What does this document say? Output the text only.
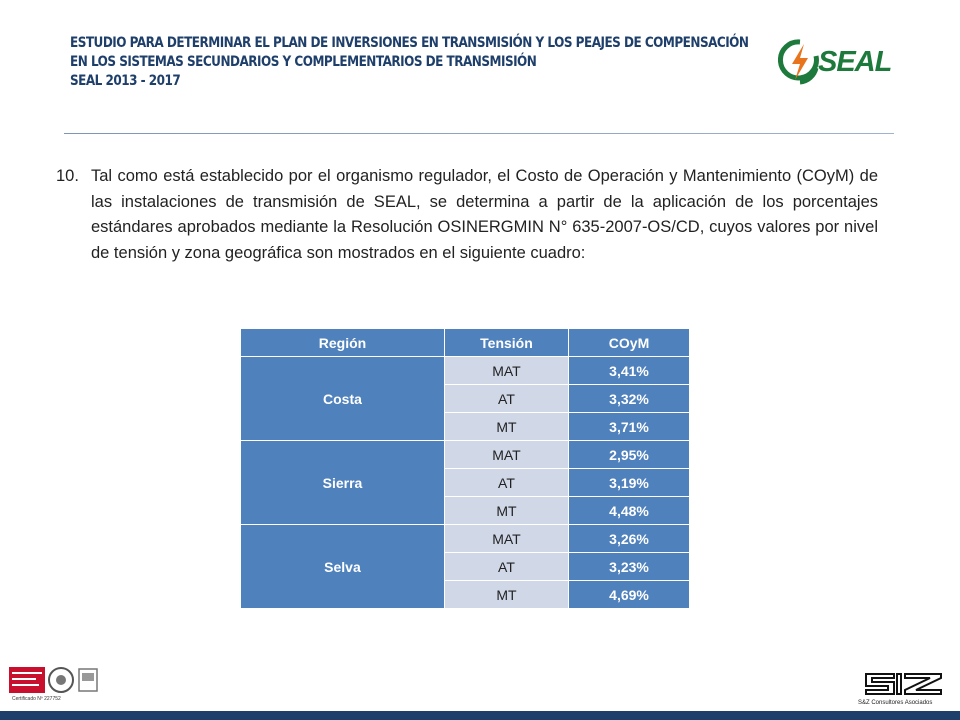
ESTUDIO PARA DETERMINAR EL PLAN DE INVERSIONES EN TRANSMISIÓN Y LOS PEAJES DE COMPENSACIÓN
EN LOS SISTEMAS SECUNDARIOS Y COMPLEMENTARIOS DE TRANSMISIÓN
SEAL 2013 - 2017
SEAL
10. Tal como está establecido por el organismo regulador, el Costo de Operación y Mantenimiento (COyM) de las instalaciones de transmisión de SEAL, se determina a partir de la aplicación de los porcentajes estándares aprobados mediante la Resolución OSINERGMIN N° 635-2007-OS/CD, cuyos valores por nivel de tensión y zona geográfica son mostrados en el siguiente cuadro:
Región	Tensión	COyM
Costa	MAT	3,41%
	AT	3,32%
	MT	3,71%
Sierra	MAT	2,95%
	AT	3,19%
	MT	4,48%
Selva	MAT	3,26%
	AT	3,23%
	MT	4,69%
Certificado Nº 227752
S&Z Consultores Asociados
